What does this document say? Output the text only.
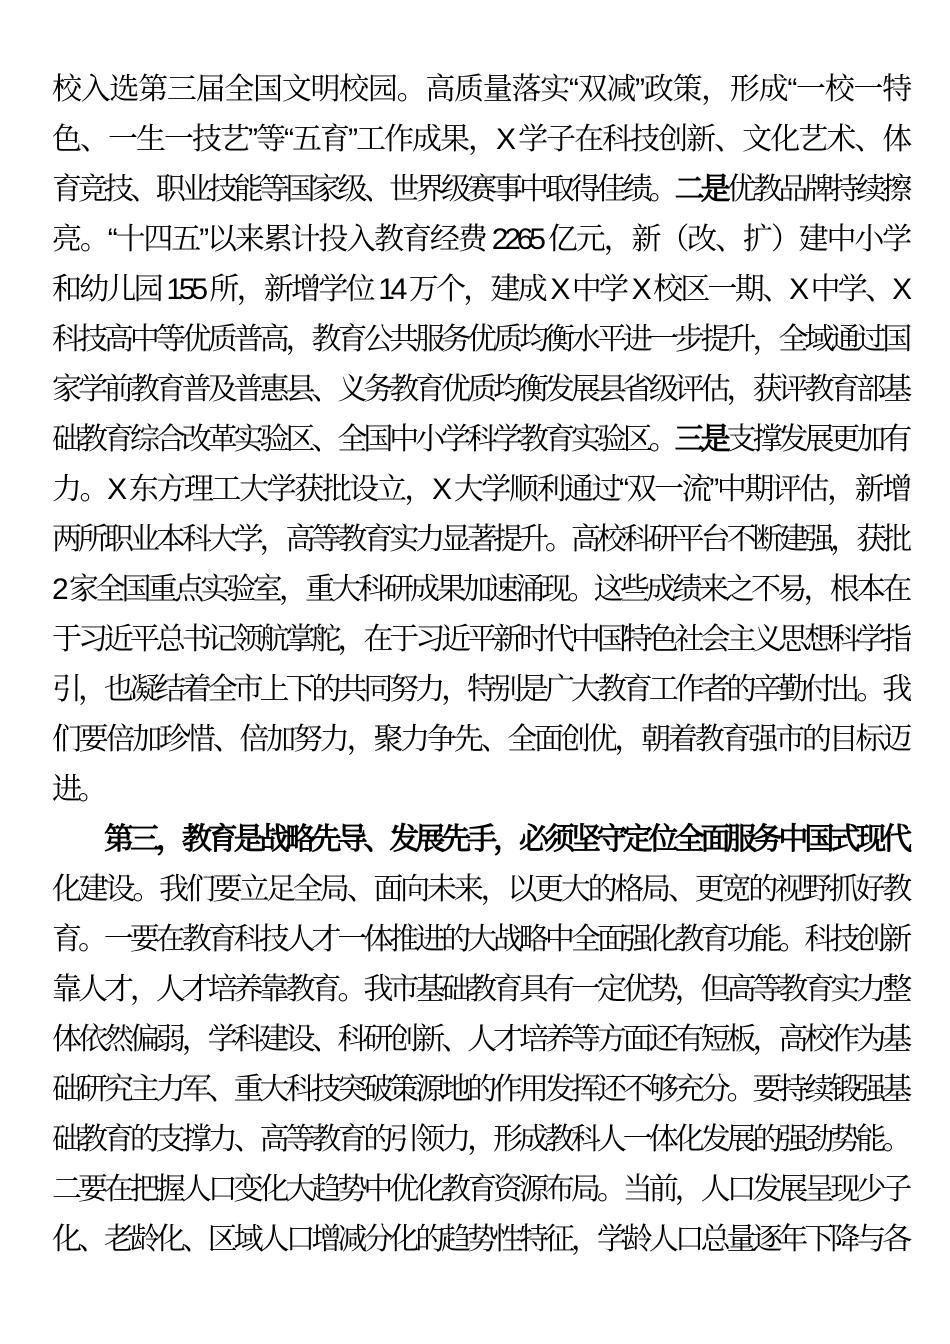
校入选第三届全国文明校园。高质量落实“双减”政策，形成“一校一特
色、一生一技艺”等“五育”工作成果，X 学子在科技创新、文化艺术、体
育竞技、职业技能等国家级、世界级赛事中取得佳绩。二是优教品牌持续擦
亮。“十四五”以来累计投入教育经费 2265 亿元，新（改、扩）建中小学
和幼儿园 155 所，新增学位 14 万个，建成 X 中学 X 校区一期、X 中学、X
科技高中等优质普高，教育公共服务优质均衡水平进一步提升，全域通过国
家学前教育普及普惠县、义务教育优质均衡发展县省级评估，获评教育部基
础教育综合改革实验区、全国中小学科学教育实验区。三是支撑发展更加有
力。X 东方理工大学获批设立，X 大学顺利通过“双一流”中期评估，新增
两所职业本科大学，高等教育实力显著提升。高校科研平台不断建强，获批
2 家全国重点实验室，重大科研成果加速涌现。这些成绩来之不易，根本在
于习近平总书记领航掌舵，在于习近平新时代中国特色社会主义思想科学指
引，也凝结着全市上下的共同努力，特别是广大教育工作者的辛勤付出。我
们要倍加珍惜、倍加努力，聚力争先、全面创优，朝着教育强市的目标迈
进。
第三，教育是战略先导、发展先手，必须坚守定位全面服务中国式现代
化建设。我们要立足全局、面向未来，以更大的格局、更宽的视野抓好教
育。一要在教育科技人才一体推进的大战略中全面强化教育功能。科技创新
靠人才，人才培养靠教育。我市基础教育具有一定优势，但高等教育实力整
体依然偏弱，学科建设、科研创新、人才培养等方面还有短板，高校作为基
础研究主力军、重大科技突破策源地的作用发挥还不够充分。要持续锻强基
础教育的支撑力、高等教育的引领力，形成教科人一体化发展的强劲势能。
二要在把握人口变化大趋势中优化教育资源布局。当前，人口发展呈现少子
化、老龄化、区域人口增减分化的趋势性特征，学龄人口总量逐年下降与各
